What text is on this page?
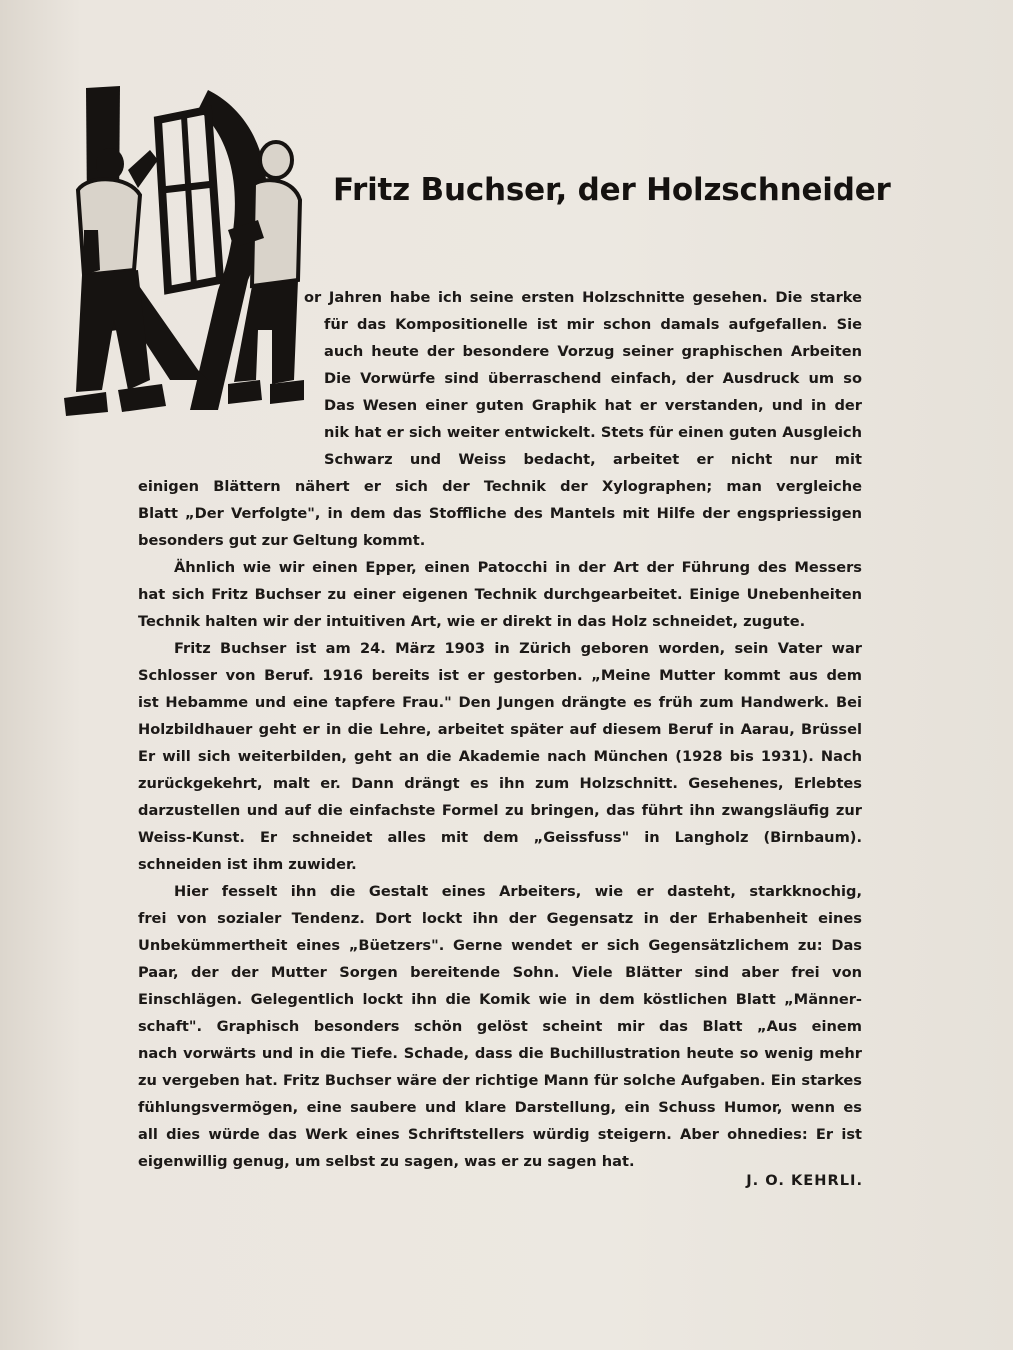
Fritz Buchser, der Holzschneider
or Jahren habe ich seine ersten Holzschnitte gesehen. Die starke
für das Kompositionelle ist mir schon damals aufgefallen. Sie
auch heute der besondere Vorzug seiner graphischen Arbeiten
Die Vorwürfe sind überraschend einfach, der Ausdruck um so
Das Wesen einer guten Graphik hat er verstanden, und in der
nik hat er sich weiter entwickelt. Stets für einen guten Ausgleich
Schwarz und Weiss bedacht, arbeitet er nicht nur mit
einigen Blättern nähert er sich der Technik der Xylographen; man vergleiche
Blatt „Der Verfolgte", in dem das Stoffliche des Mantels mit Hilfe der engspriessigen
besonders gut zur Geltung kommt.
Ähnlich wie wir einen Epper, einen Patocchi in der Art der Führung des Messers
hat sich Fritz Buchser zu einer eigenen Technik durchgearbeitet. Einige Unebenheiten
Technik halten wir der intuitiven Art, wie er direkt in das Holz schneidet, zugute.
Fritz Buchser ist am 24. März 1903 in Zürich geboren worden, sein Vater war
Schlosser von Beruf. 1916 bereits ist er gestorben. „Meine Mutter kommt aus dem
ist Hebamme und eine tapfere Frau." Den Jungen drängte es früh zum Handwerk. Bei
Holzbildhauer geht er in die Lehre, arbeitet später auf diesem Beruf in Aarau, Brüssel
Er will sich weiterbilden, geht an die Akademie nach München (1928 bis 1931). Nach
zurückgekehrt, malt er. Dann drängt es ihn zum Holzschnitt. Gesehenes, Erlebtes
darzustellen und auf die einfachste Formel zu bringen, das führt ihn zwangsläufig zur
Weiss-Kunst. Er schneidet alles mit dem „Geissfuss" in Langholz (Birnbaum).
schneiden ist ihm zuwider.
Hier fesselt ihn die Gestalt eines Arbeiters, wie er dasteht, starkknochig,
frei von sozialer Tendenz. Dort lockt ihn der Gegensatz in der Erhabenheit eines
Unbekümmertheit eines „Büetzers". Gerne wendet er sich Gegensätzlichem zu: Das
Paar, der der Mutter Sorgen bereitende Sohn. Viele Blätter sind aber frei von
Einschlägen. Gelegentlich lockt ihn die Komik wie in dem köstlichen Blatt „Männer-
schaft". Graphisch besonders schön gelöst scheint mir das Blatt „Aus einem
nach vorwärts und in die Tiefe. Schade, dass die Buchillustration heute so wenig mehr
zu vergeben hat. Fritz Buchser wäre der richtige Mann für solche Aufgaben. Ein starkes
fühlungsvermögen, eine saubere und klare Darstellung, ein Schuss Humor, wenn es
all dies würde das Werk eines Schriftstellers würdig steigern. Aber ohnedies: Er ist
eigenwillig genug, um selbst zu sagen, was er zu sagen hat.
J. O. KEHRLI.
